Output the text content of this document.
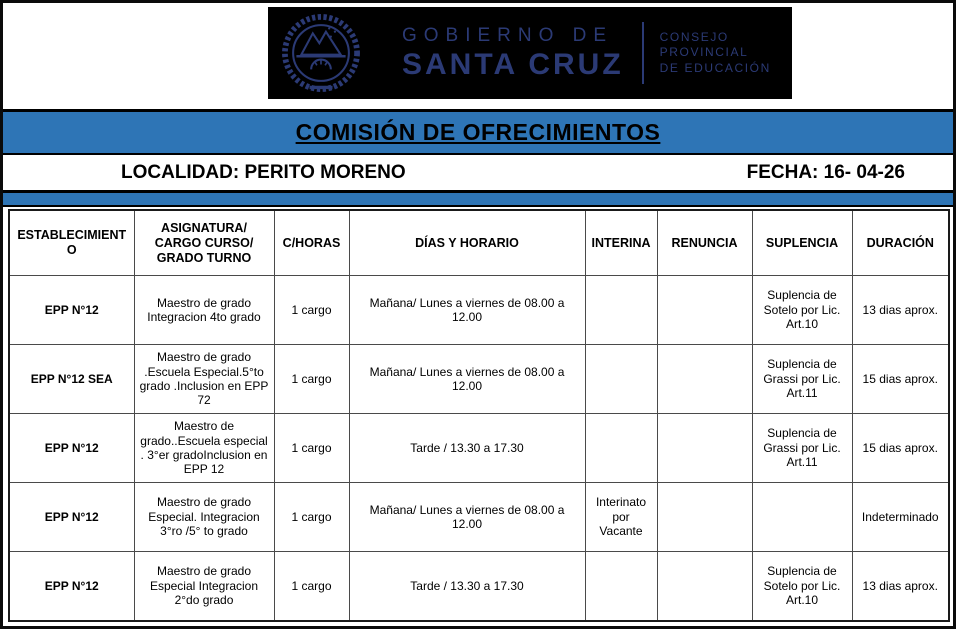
GOBIERNO DE
SANTA CRUZ
CONSEJO
PROVINCIAL
DE EDUCACIÓN
COMISIÓN DE OFRECIMIENTOS
LOCALIDAD: PERITO MORENO	FECHA: 16- 04-26
ESTABLECIMIENTO	ASIGNATURA/ CARGO CURSO/ GRADO TURNO	C/HORAS	DÍAS Y HORARIO	INTERINA	RENUNCIA	SUPLENCIA	DURACIÓN
EPP N°12	Maestro de grado Integracion 4to grado	1 cargo	Mañana/ Lunes a viernes de 08.00 a 12.00			Suplencia de Sotelo por Lic. Art.10	13 dias aprox.
EPP N°12 SEA	Maestro de grado .Escuela Especial.5°to grado .Inclusion en EPP 72	1 cargo	Mañana/ Lunes a viernes de 08.00 a 12.00			Suplencia de Grassi por Lic. Art.11	15 dias aprox.
EPP N°12	Maestro de grado..Escuela especial . 3°er gradoInclusion en EPP 12	1 cargo	Tarde / 13.30 a 17.30			Suplencia de Grassi por Lic. Art.11	15 dias aprox.
EPP N°12	Maestro de grado Especial. Integracion 3°ro /5° to grado	1 cargo	Mañana/ Lunes a viernes de 08.00 a 12.00	Interinato por Vacante			Indeterminado
EPP N°12	Maestro de grado Especial Integracion 2°do grado	1 cargo	Tarde / 13.30 a 17.30			Suplencia de Sotelo por Lic. Art.10	13 dias aprox.
